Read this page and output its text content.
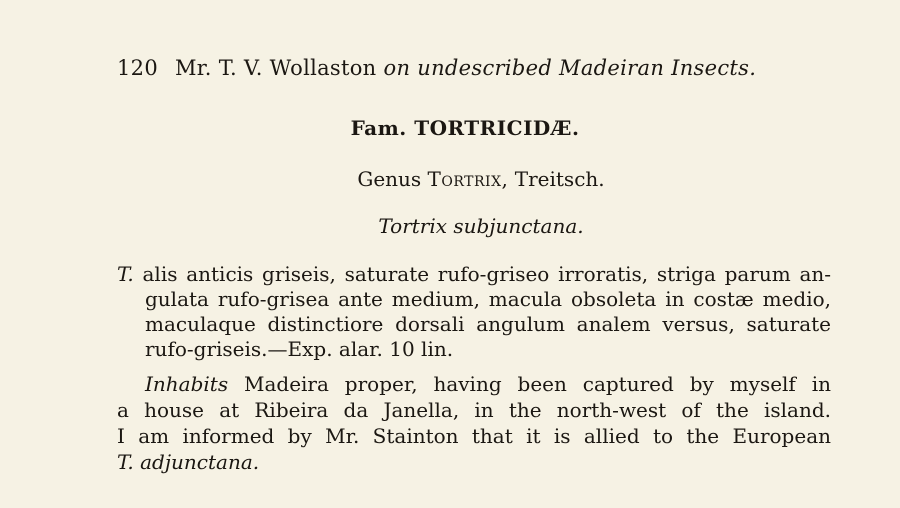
120 Mr. T. V. Wollaston on undescribed Madeiran Insects.
Fam. TORTRICIDÆ.
Genus Tortrix, Treitsch.
Tortrix subjunctana.
T. alis anticis griseis, saturate rufo-griseo irroratis, striga parum an-
gulata rufo-grisea ante medium, macula obsoleta in costæ medio,
maculaque distinctiore dorsali angulum analem versus, saturate
rufo-griseis.—Exp. alar. 10 lin.
Inhabits Madeira proper, having been captured by myself in
a house at Ribeira da Janella, in the north-west of the island.
I am informed by Mr. Stainton that it is allied to the European
T. adjunctana.
